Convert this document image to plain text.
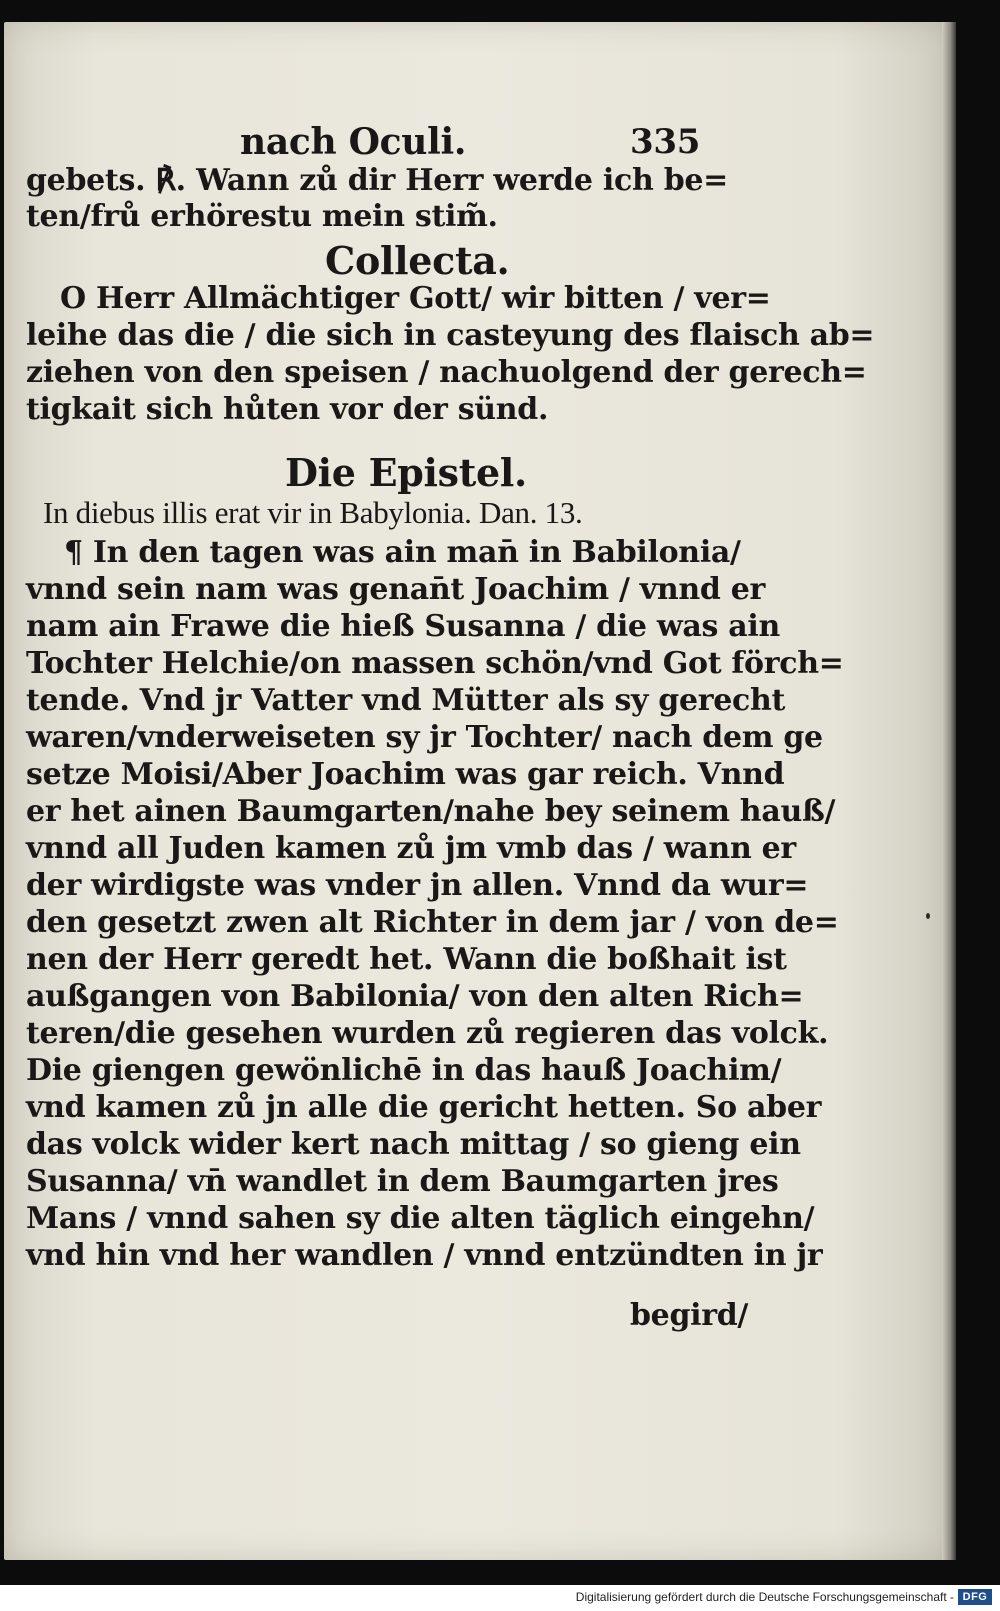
nach Oculi.	335
gebets. ℟. Wann zů dir Herr werde ich be=
ten/frů erhörestu mein stim̃.
Collecta.
O Herr Allmächtiger Gott/ wir bitten / ver=
leihe das die / die sich in casteyung des flaisch ab=
ziehen von den speisen / nachuolgend der gerech=
tigkait sich hůten vor der sünd.
Die Epistel.
In diebus illis erat vir in Babylonia. Dan. 13.
¶ In den tagen was ain man̄ in Babilonia/
vnnd sein nam was genan̄t Joachim / vnnd er
nam ain Frawe die hieß Susanna / die was ain
Tochter Helchie/on massen schön/vnd Got förch=
tende. Vnd jr Vatter vnd Mütter als sy gerecht
waren/vnderweiseten sy jr Tochter/ nach dem ge
setze Moisi/Aber Joachim was gar reich. Vnnd
er het ainen Baumgarten/nahe bey seinem hauß/
vnnd all Juden kamen zů jm vmb das / wann er
der wirdigste was vnder jn allen. Vnnd da wur=
den gesetzt zwen alt Richter in dem jar / von de=
nen der Herr geredt het. Wann die boßhait ist
außgangen von Babilonia/ von den alten Rich=
teren/die gesehen wurden zů regieren das volck.
Die giengen gewönlichē in das hauß Joachim/
vnd kamen zů jn alle die gericht hetten. So aber
das volck wider kert nach mittag / so gieng ein
Susanna/ vn̄ wandlet in dem Baumgarten jres
Mans / vnnd sahen sy die alten täglich eingehn/
vnd hin vnd her wandlen / vnnd entzündten in jr
begird/
Digitalisierung gefördert durch die Deutsche Forschungsgemeinschaft - DFG
